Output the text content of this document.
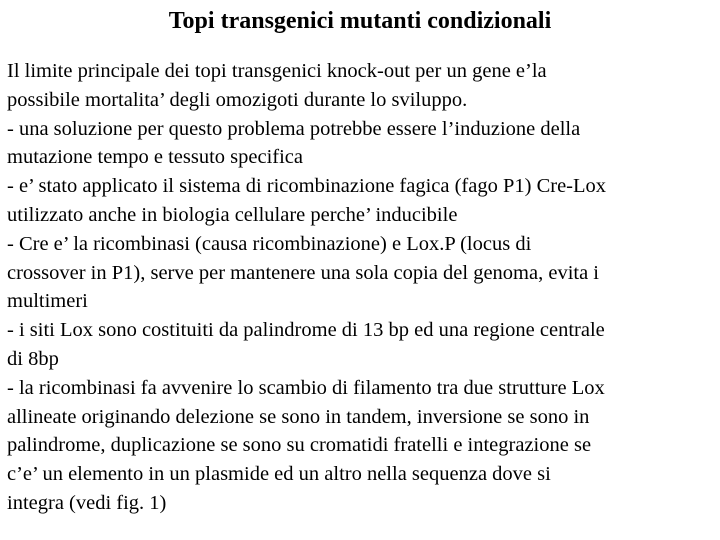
Topi transgenici mutanti condizionali
Il limite principale dei topi transgenici knock-out per un gene e’la
possibile mortalita’ degli omozigoti durante lo sviluppo.
- una soluzione per questo problema potrebbe essere l’induzione della
mutazione tempo e tessuto specifica
- e’ stato applicato il sistema di ricombinazione fagica (fago P1) Cre-Lox
utilizzato anche in biologia cellulare perche’ inducibile
- Cre e’ la ricombinasi (causa ricombinazione) e Lox.P (locus di
crossover in P1), serve per mantenere una sola copia del genoma, evita i
multimeri
- i siti Lox sono costituiti da palindrome di 13 bp ed una regione centrale
di 8bp
- la ricombinasi fa avvenire lo scambio di filamento tra due strutture Lox
allineate originando delezione se sono in tandem, inversione se sono in
palindrome, duplicazione se sono su cromatidi fratelli e integrazione se
c’e’ un elemento in un plasmide ed un altro nella sequenza dove si
integra (vedi fig. 1)
